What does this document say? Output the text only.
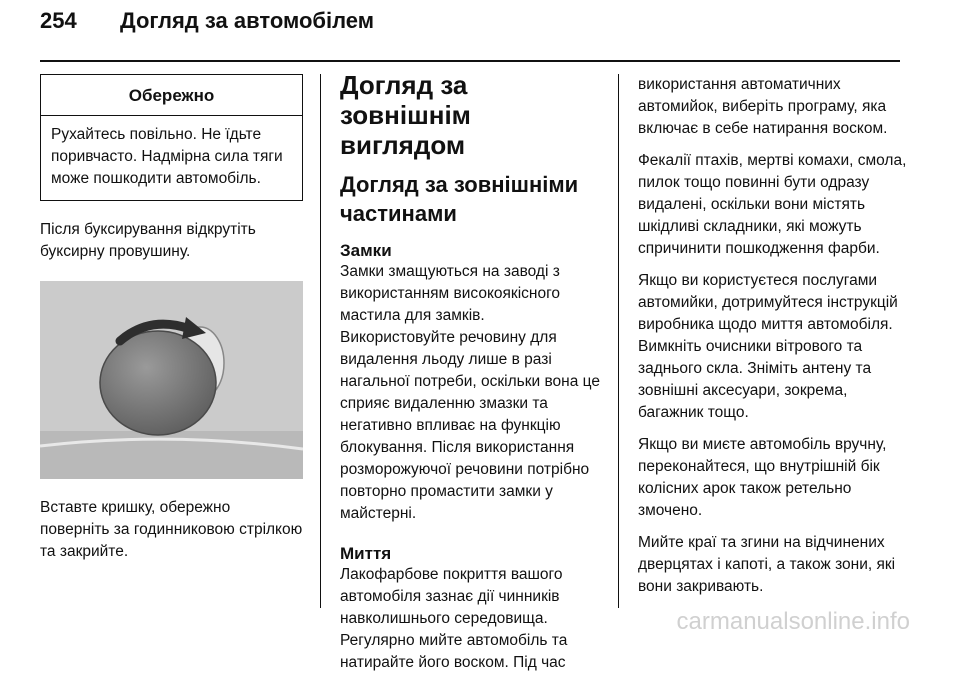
254 Догляд за автомобілем
Обережно
Рухайтесь повільно. Не їдьте поривчасто. Надмірна сила тяги може пошкодити автомобіль.

Після буксирування відкрутіть буксирну провушину.

Вставте кришку, обережно поверніть за годинниковою стрілкою та закрийте.

Догляд за зовнішнім виглядом
Догляд за зовнішніми частинами
Замки

Замки змащуються на заводі з використанням високоякісного мастила для замків. Використовуйте речовину для видалення льоду лише в разі нагальної потреби, оскільки вона це сприяє видаленню змазки та негативно впливає на функцію блокування. Після використання розморожуючої речовини потрібно повторно промастити замки у майстерні.

Миття

Лакофарбове покриття вашого автомобіля зазнає дії чинників навколишнього середовища. Регулярно мийте автомобіль та натирайте його воском. Під час

використання автоматичних автомийок, виберіть програму, яка включає в себе натирання воском.

Фекалії птахів, мертві комахи, смола, пилок тощо повинні бути одразу видалені, оскільки вони містять шкідливі складники, які можуть спричинити пошкодження фарби.

Якщо ви користуєтеся послугами автомийки, дотримуйтеся інструкцій виробника щодо миття автомобіля. Вимкніть очисники вітрового та заднього скла. Зніміть антену та зовнішні аксесуари, зокрема, багажник тощо.

Якщо ви миєте автомобіль вручну, переконайтеся, що внутрішній бік колісних арок також ретельно змочено.

Мийте краї та згини на відчинених дверцятах і капоті, а також зони, які вони закривають.

carmanualsonline.info
